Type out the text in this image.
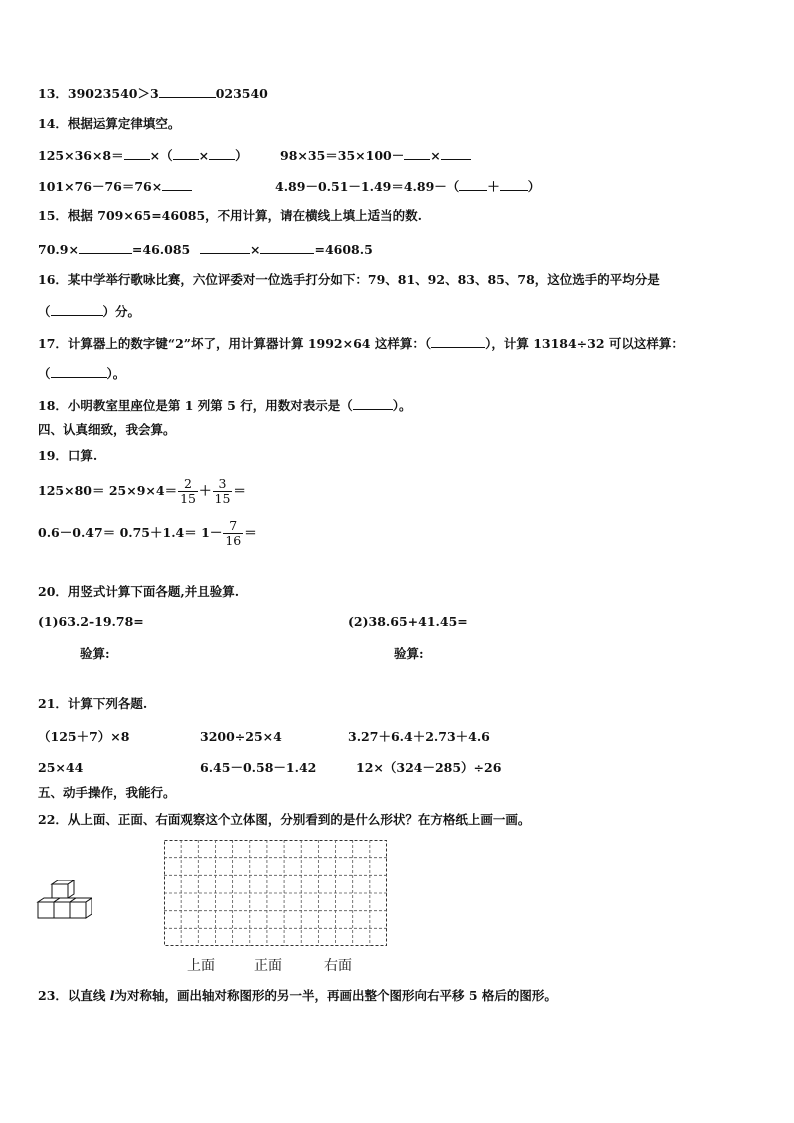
13．39023540＞3	023540
14．根据运算定律填空。
125×36×8＝ ×（ × ）	98×35＝35×100－ ×
101×76－76＝76×	4.89－0.51－1.49＝4.89－（ ＋ ）
15．根据 709×65=46085，不用计算，请在横线上填上适当的数.
70.9×	=46.085	×	=4608.5
16．某中学举行歌咏比赛，六位评委对一位选手打分如下：79、81、92、83、85、78，这位选手的平均分是
（	）分。
17．计算器上的数字键“2”坏了，用计算器计算 1992×64 这样算：（	），计算 13184÷32 可以这样算：
（	）。
18．小明教室里座位是第 1 列第 5 行，用数对表示是（	）。
四、认真细致，我会算。
19．口算.
$125\times 80= 25\times 9\times 4= \frac{2}{15} + \frac{3}{15}$ ＝
$0.6-0.47= 0.75+1.4= 1- \frac{7}{16}$ ＝
20．用竖式计算下面各题,并且验算.
(1)63.2-19.78=	(2)38.65+41.45=
验算:	验算:
21．计算下列各题.
（125＋7）×8	3200÷25×4	3.27＋6.4＋2.73＋4.6
25×44	6.45－0.58－1.42	12×（324－285）÷26
五、动手操作，我能行。
22．从上面、正面、右面观察这个立体图，分别看到的是什么形状？在方格纸上画一画。
上面	正面	右面
23．以直线 l为对称轴，画出轴对称图形的另一半，再画出整个图形向右平移 5 格后的图形。
